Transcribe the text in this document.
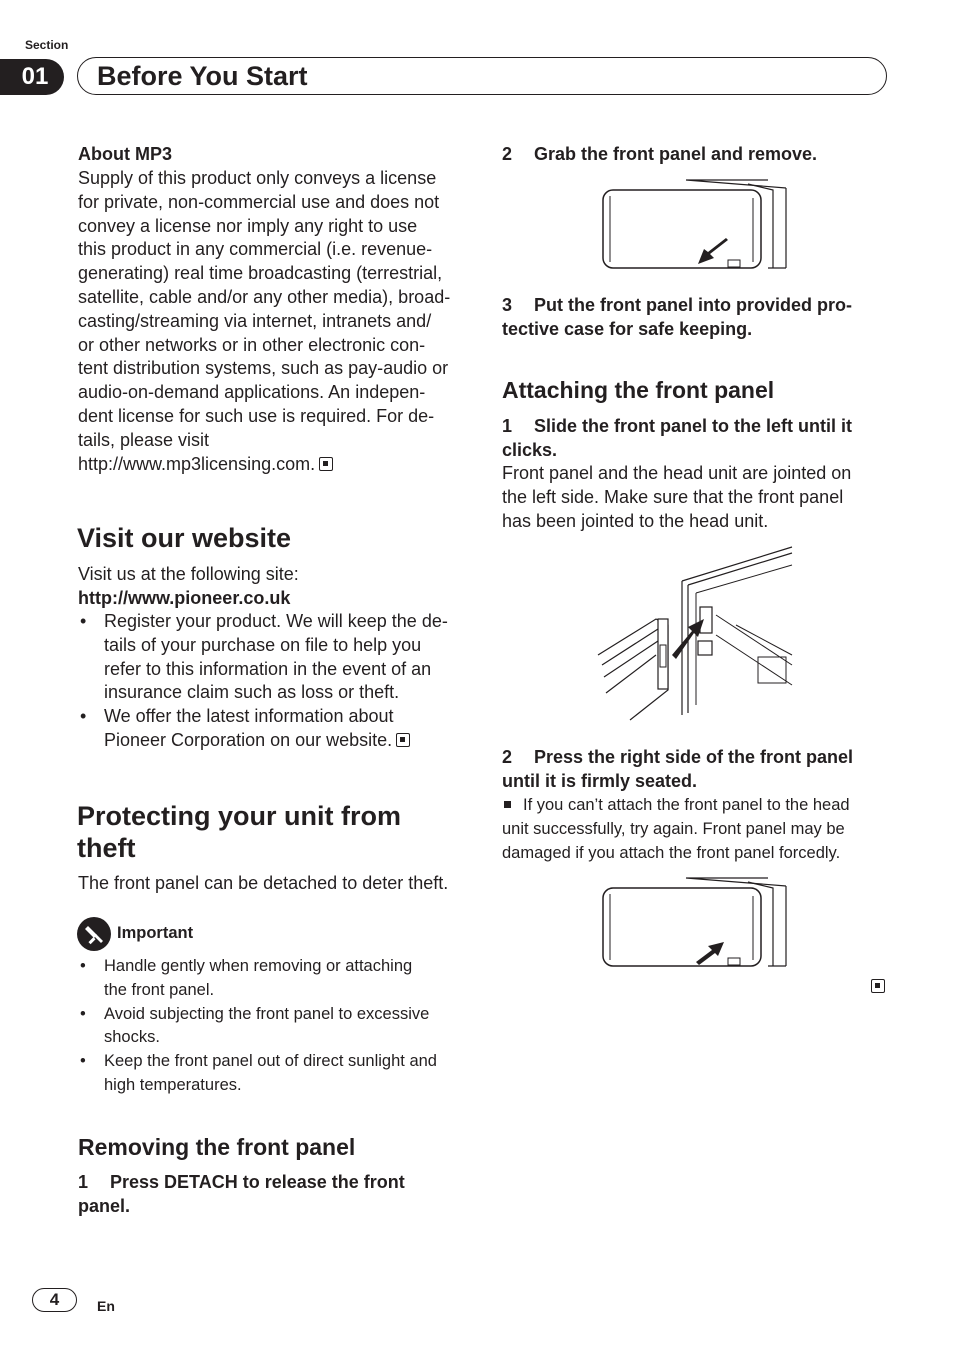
Section
01	Before You Start
About MP3
Supply of this product only conveys a license
for private, non-commercial use and does not
convey a license nor imply any right to use
this product in any commercial (i.e. revenue-
generating) real time broadcasting (terrestrial,
satellite, cable and/or any other media), broad-
casting/streaming via internet, intranets and/
or other networks or in other electronic con-
tent distribution systems, such as pay-audio or
audio-on-demand applications. An indepen-
dent license for such use is required. For de-
tails, please visit
http://www.mp3licensing.com.
Visit our website
Visit us at the following site:
http://www.pioneer.co.uk
• Register your product. We will keep the de-
tails of your purchase on file to help you
refer to this information in the event of an
insurance claim such as loss or theft.
• We offer the latest information about
Pioneer Corporation on our website.
Protecting your unit from
theft
The front panel can be detached to deter theft.
Important
• Handle gently when removing or attaching
the front panel.
• Avoid subjecting the front panel to excessive
shocks.
• Keep the front panel out of direct sunlight and
high temperatures.
Removing the front panel
1 Press DETACH to release the front
panel.
2 Grab the front panel and remove.
3 Put the front panel into provided pro-
tective case for safe keeping.
Attaching the front panel
1 Slide the front panel to the left until it
clicks.
Front panel and the head unit are jointed on
the left side. Make sure that the front panel
has been jointed to the head unit.
2 Press the right side of the front panel
until it is firmly seated.
If you can’t attach the front panel to the head
unit successfully, try again. Front panel may be
damaged if you attach the front panel forcedly.
4	En
